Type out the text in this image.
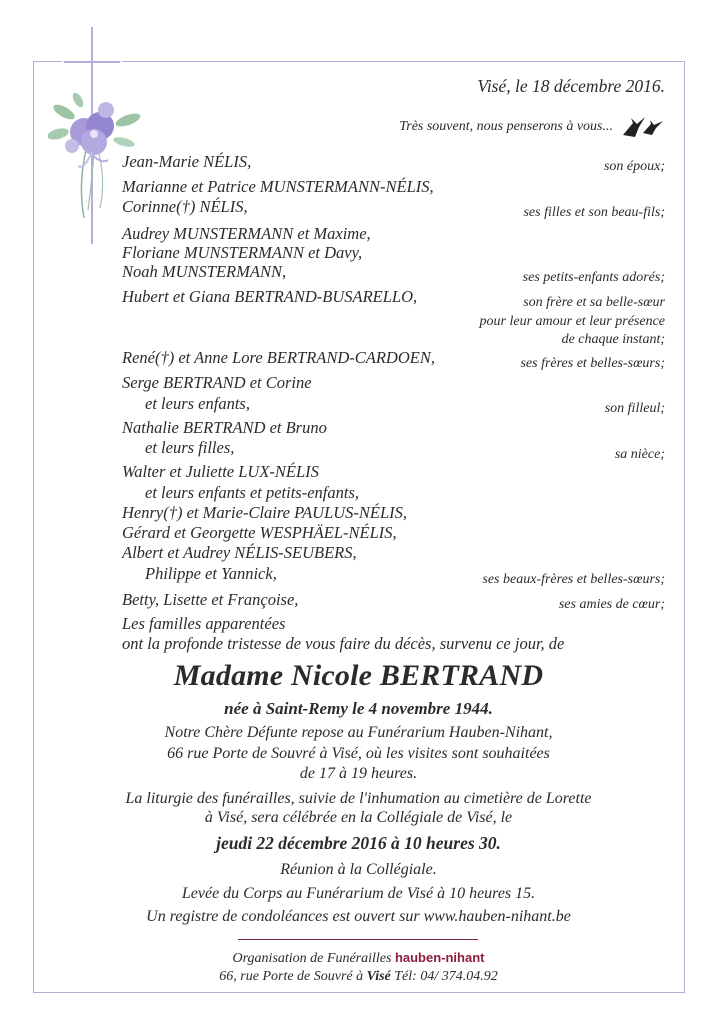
Visé, le 18 décembre 2016.
Très souvent, nous penserons à vous...
Jean-Marie NÉLIS,
Marianne et Patrice MUNSTERMANN-NÉLIS,
Corinne(†) NÉLIS,
Audrey MUNSTERMANN et Maxime,
Floriane MUNSTERMANN et Davy,
Noah MUNSTERMANN,
Hubert et Giana BERTRAND-BUSARELLO,
René(†) et Anne Lore BERTRAND-CARDOEN,
Serge BERTRAND et Corine
et leurs enfants,
Nathalie BERTRAND et Bruno
et leurs filles,
Walter et Juliette LUX-NÉLIS
et leurs enfants et petits-enfants,
Henry(†) et Marie-Claire PAULUS-NÉLIS,
Gérard et Georgette WESPHÄEL-NÉLIS,
Albert et Audrey NÉLIS-SEUBERS,
Philippe et Yannick,
Betty, Lisette et Françoise,
Les familles apparentées
ont la profonde tristesse de vous faire du décès, survenu ce jour, de
son époux;
ses filles et son beau-fils;
ses petits-enfants adorés;
son frère et sa belle-sœur
pour leur amour et leur présence
de chaque instant;
ses frères et belles-sœurs;
son filleul;
sa nièce;
ses beaux-frères et belles-sœurs;
ses amies de cœur;
Madame Nicole BERTRAND
née à Saint-Remy le 4 novembre 1944.
Notre Chère Défunte repose au Funérarium Hauben-Nihant,
66 rue Porte de Souvré à Visé, où les visites sont souhaitées
de 17 à 19 heures.
La liturgie des funérailles, suivie de l'inhumation au cimetière de Lorette
à Visé, sera célébrée en la Collégiale de Visé, le
jeudi 22 décembre 2016 à 10 heures 30.
Réunion à la Collégiale.
Levée du Corps au Funérarium de Visé à 10 heures 15.
Un registre de condoléances est ouvert sur www.hauben-nihant.be
Organisation de Funérailles hauben-nihant
66, rue Porte de Souvré à Visé Tél: 04/ 374.04.92
